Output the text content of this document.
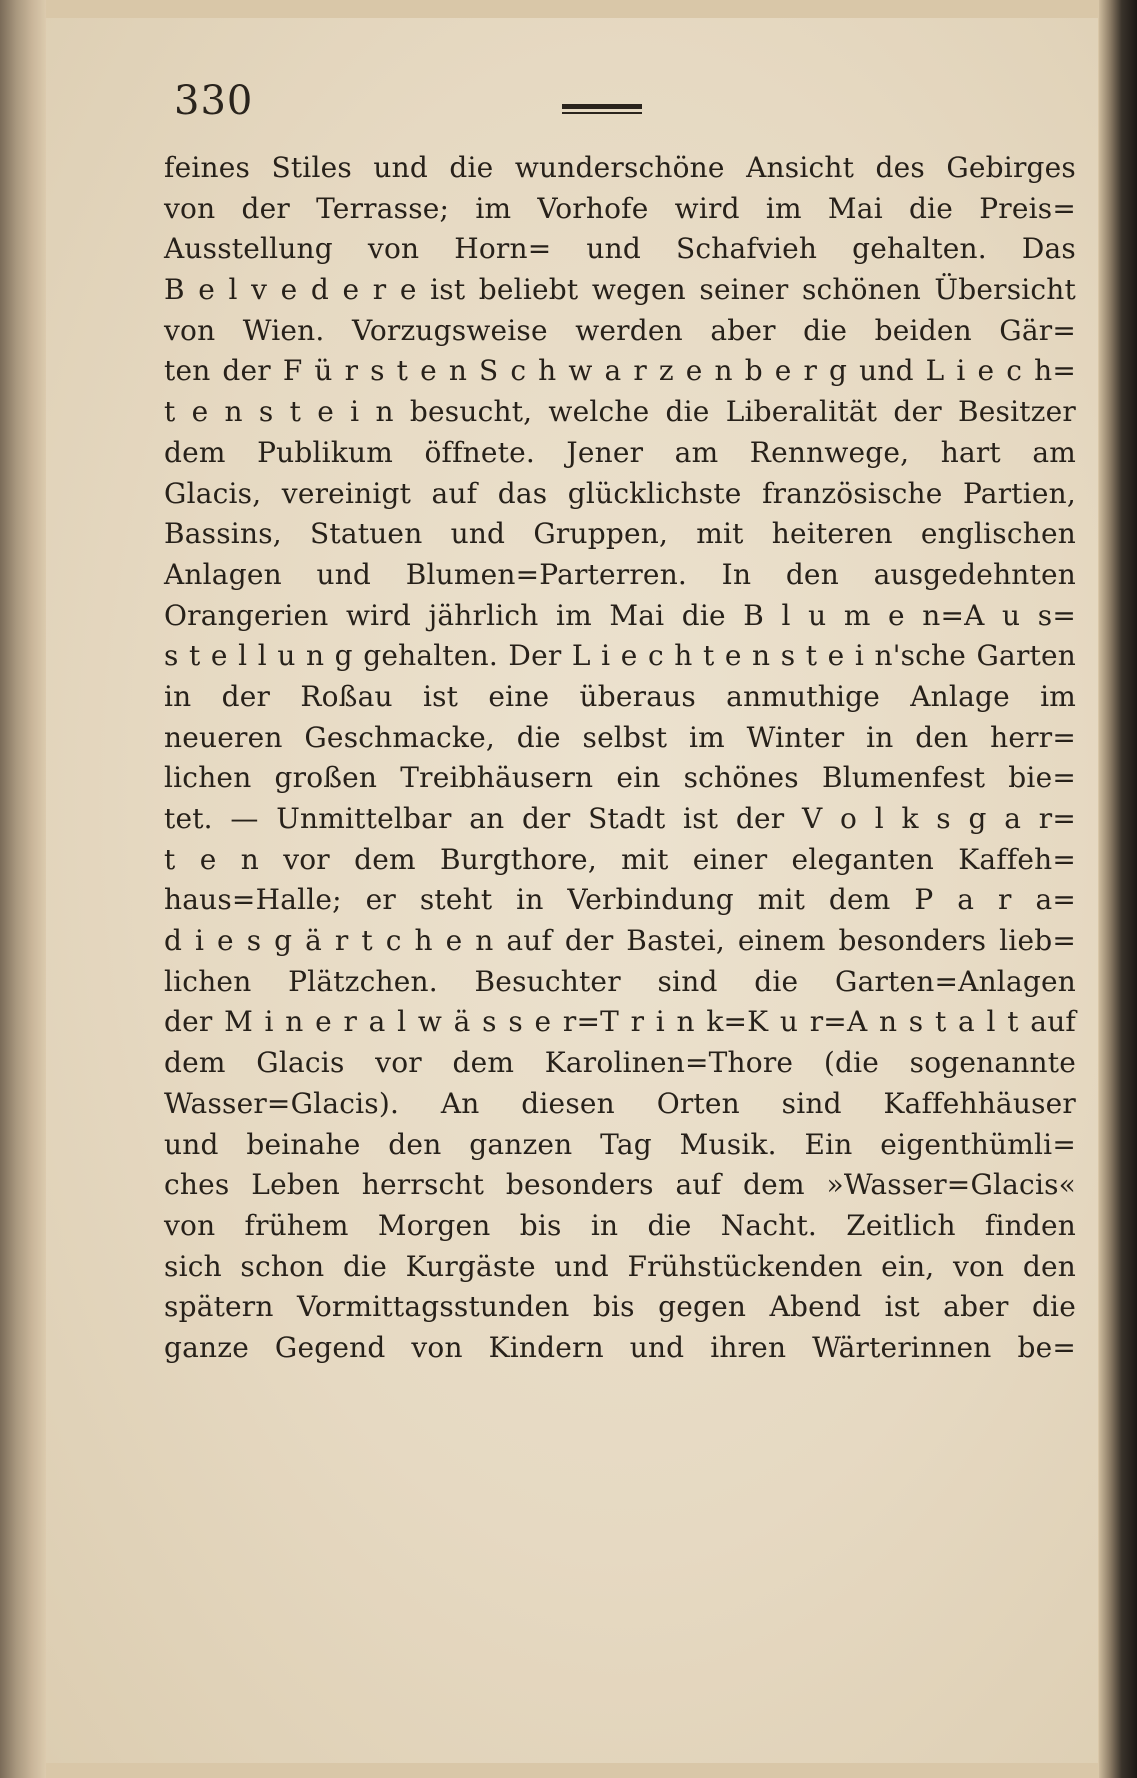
330
feines Stiles und die wunderschöne Ansicht des Gebirges
von der Terrasse; im Vorhofe wird im Mai die Preis=
Ausstellung von Horn= und Schafvieh gehalten. Das
B e l v e d e r e ist beliebt wegen seiner schönen Übersicht
von Wien. Vorzugsweise werden aber die beiden Gär=
ten der F ü r s t e n S c h w a r z e n b e r g und L i e c h=
t e n s t e i n besucht, welche die Liberalität der Besitzer
dem Publikum öffnete. Jener am Rennwege, hart am
Glacis, vereinigt auf das glücklichste französische Partien,
Bassins, Statuen und Gruppen, mit heiteren englischen
Anlagen und Blumen=Parterren. In den ausgedehnten
Orangerien wird jährlich im Mai die B l u m e n=A u s=
s t e l l u n g gehalten. Der L i e c h t e n s t e i n'sche Garten
in der Roßau ist eine überaus anmuthige Anlage im
neueren Geschmacke, die selbst im Winter in den herr=
lichen großen Treibhäusern ein schönes Blumenfest bie=
tet. — Unmittelbar an der Stadt ist der V o l k s g a r=
t e n vor dem Burgthore, mit einer eleganten Kaffeh=
haus=Halle; er steht in Verbindung mit dem P a r a=
d i e s g ä r t c h e n auf der Bastei, einem besonders lieb=
lichen Plätzchen. Besuchter sind die Garten=Anlagen
der M i n e r a l w ä s s e r=T r i n k=K u r=A n s t a l t auf
dem Glacis vor dem Karolinen=Thore (die sogenannte
Wasser=Glacis). An diesen Orten sind Kaffehhäuser
und beinahe den ganzen Tag Musik. Ein eigenthümli=
ches Leben herrscht besonders auf dem »Wasser=Glacis«
von frühem Morgen bis in die Nacht. Zeitlich finden
sich schon die Kurgäste und Frühstückenden ein, von den
spätern Vormittagsstunden bis gegen Abend ist aber die
ganze Gegend von Kindern und ihren Wärterinnen be=
